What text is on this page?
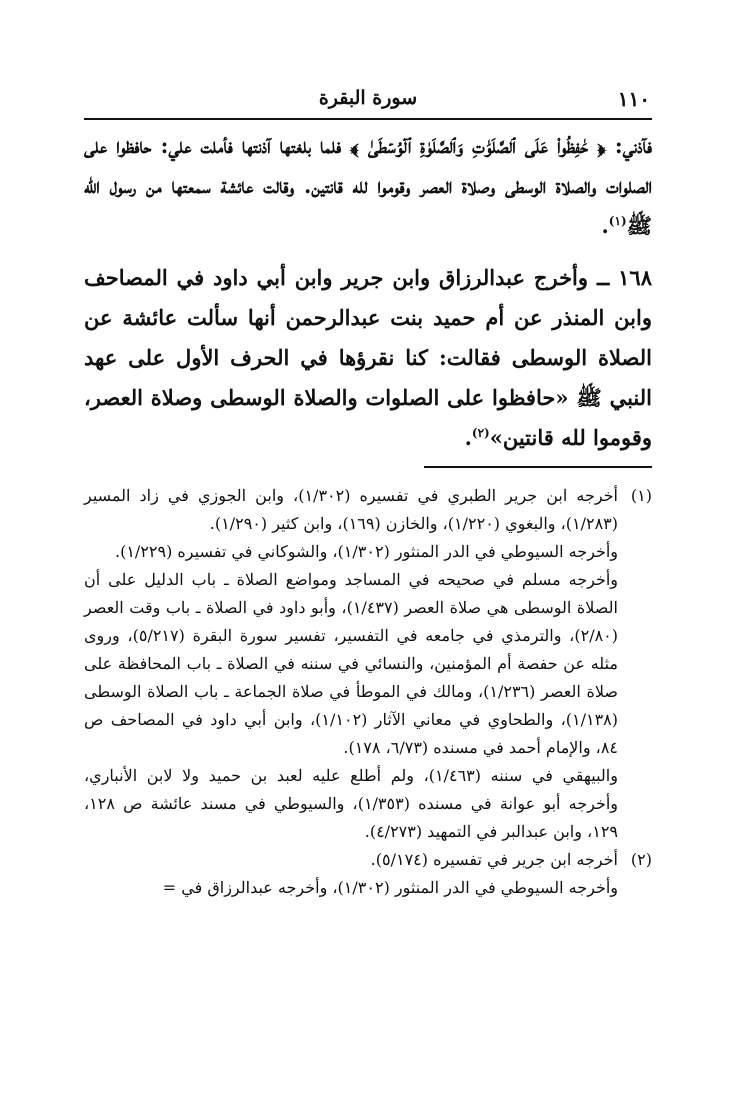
١١٠
سورة البقرة

فآذني: ﴿ حَٰفِظُواْ عَلَى ٱلصَّلَوَٰتِ وَٱلصَّلَوٰةِ ٱلۡوُسۡطَىٰ ﴾ فلما بلغتها آذنتها فأملت علي: حافظوا على الصلوات والصلاة الوسطى وصلاة العصر وقوموا لله قانتين. وقالت عائشة سمعتها من رسول الله ﷺ$^{(١)}$.

١٦٨ ــ وأخرج عبدالرزاق وابن جرير وابن أبي داود في المصاحف وابن المنذر عن أم حميد بنت عبدالرحمن أنها سألت عائشة عن الصلاة الوسطى فقالت: كنا نقرؤها في الحرف الأول على عهد النبي ﷺ «حافظوا على الصلوات والصلاة الوسطى وصلاة العصر، وقوموا لله قانتين»$^{(٢)}$.

(١)
أخرجه ابن جرير الطبري في تفسيره (١/٣٠٢)، وابن الجوزي في زاد المسير (١/٢٨٣)، والبغوي (١/٢٢٠)، والخازن (١٦٩)، وابن كثير (١/٢٩٠).

وأخرجه السيوطي في الدر المنثور (١/٣٠٢)، والشوكاني في تفسيره (١/٢٢٩).

وأخرجه مسلم في صحيحه في المساجد ومواضع الصلاة ـ باب الدليل على أن الصلاة الوسطى هي صلاة العصر (١/٤٣٧)، وأبو داود في الصلاة ـ باب وقت العصر (٢/٨٠)، والترمذي في جامعه في التفسير، تفسير سورة البقرة (٥/٢١٧)، وروى مثله عن حفصة أم المؤمنين، والنسائي في سننه في الصلاة ـ باب المحافظة على صلاة العصر (١/٢٣٦)، ومالك في الموطأ في صلاة الجماعة ـ باب الصلاة الوسطى (١/١٣٨)، والطحاوي في معاني الآثار (١/١٠٢)، وابن أبي داود في المصاحف ص ٨٤، والإمام أحمد في مسنده (٦/٧٣، ١٧٨).

والبيهقي في سننه (١/٤٦٣)، ولم أطلع عليه لعبد بن حميد ولا لابن الأنباري، وأخرجه أبو عوانة في مسنده (١/٣٥٣)، والسيوطي في مسند عائشة ص ١٢٨، ١٢٩، وابن عبدالبر في التمهيد (٤/٢٧٣).

(٢)
أخرجه ابن جرير في تفسيره (٥/١٧٤).

وأخرجه السيوطي في الدر المنثور (١/٣٠٢)، وأخرجه عبدالرزاق في =
